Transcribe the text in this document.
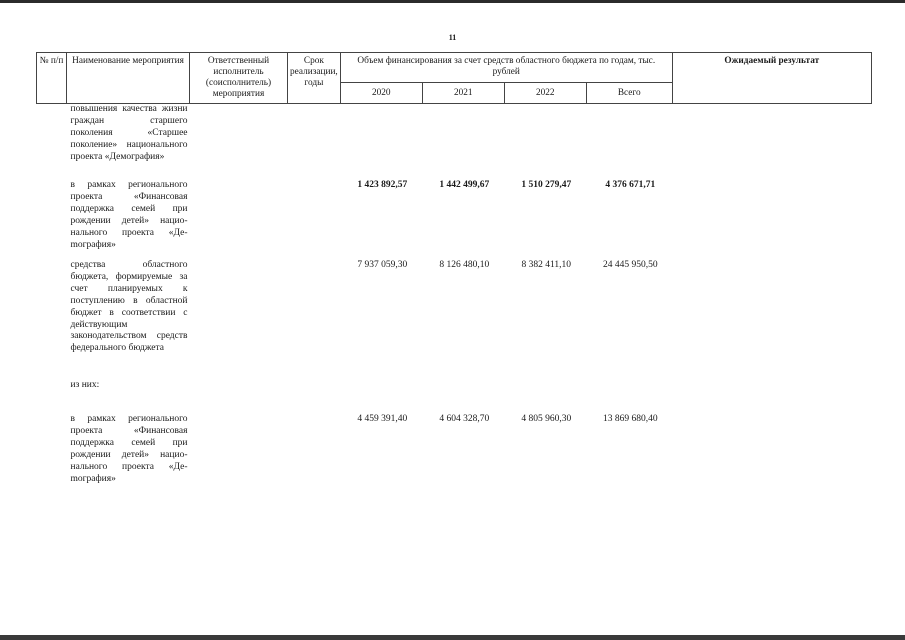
11
№ п/п	Наименование мероприятия	Ответственный исполнитель (соисполнитель) мероприятия	Срок реализации, годы	Объем финансирования за счет средств областного бюджета по годам, тыс. рублей				Ожидаемый результат
				2020	2021	2022	Всего	
	повышения качества жизни граждан старшего поколения «Старшее поколение» национального проекта «Демография»							
	в рамках регионального проекта «Финансовая поддержка семей при рождении детей» национального проекта «Деmография»			1 423 892,57	1 442 499,67	1 510 279,47	4 376 671,71	
	средства областного бюджета, формируемые за счет планируемых к поступлению в областной бюджет в соответствии с действующим законодательством средств федерального бюджета			7 937 059,30	8 126 480,10	8 382 411,10	24 445 950,50	
	из них:							
	в рамках регионального проекта «Финансовая поддержка семей при рождении детей» национального проекта «Деmография»			4 459 391,40	4 604 328,70	4 805 960,30	13 869 680,40	
